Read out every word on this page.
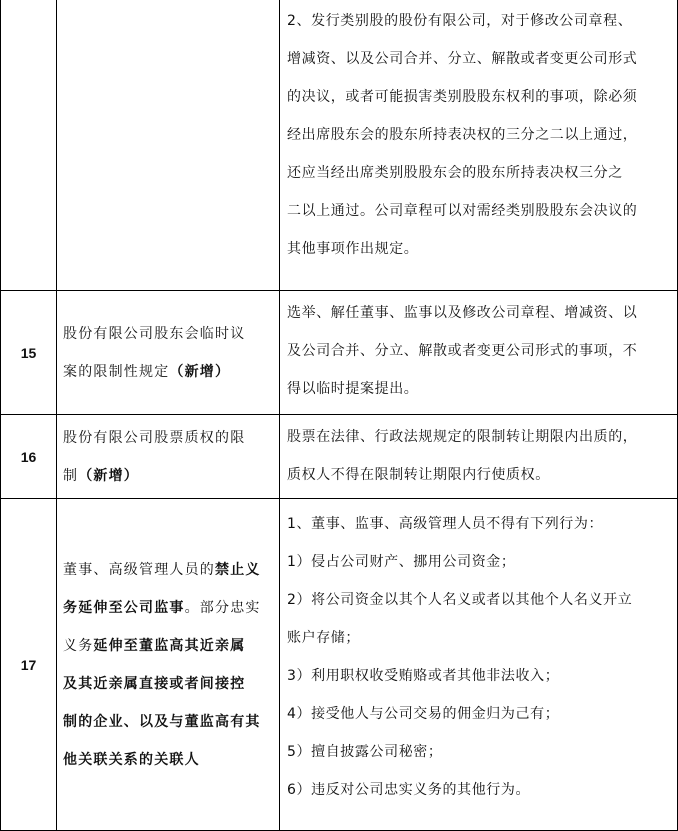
2、发行类别股的股份有限公司，对于修改公司章程、
增减资、以及公司合并、分立、解散或者变更公司形式
的决议，或者可能损害类别股股东权利的事项，除必须
经出席股东会的股东所持表决权的三分之二以上通过，
还应当经出席类别股股东会的股东所持表决权三分之
二以上通过。公司章程可以对需经类别股股东会决议的
其他事项作出规定。
15
股份有限公司股东会临时议
案的限制性规定（新增）
选举、解任董事、监事以及修改公司章程、增减资、以
及公司合并、分立、解散或者变更公司形式的事项，不
得以临时提案提出。
16
股份有限公司股票质权的限
制（新增）
股票在法律、行政法规规定的限制转让期限内出质的，
质权人不得在限制转让期限内行使质权。
17
董事、高级管理人员的禁止义
务延伸至公司监事。部分忠实
义务延伸至董监高其近亲属
及其近亲属直接或者间接控
制的企业、以及与董监高有其
他关联关系的关联人
1、董事、监事、高级管理人员不得有下列行为：
1）侵占公司财产、挪用公司资金；
2）将公司资金以其个人名义或者以其他个人名义开立
账户存储；
3）利用职权收受贿赂或者其他非法收入；
4）接受他人与公司交易的佣金归为己有；
5）擅自披露公司秘密；
6）违反对公司忠实义务的其他行为。
